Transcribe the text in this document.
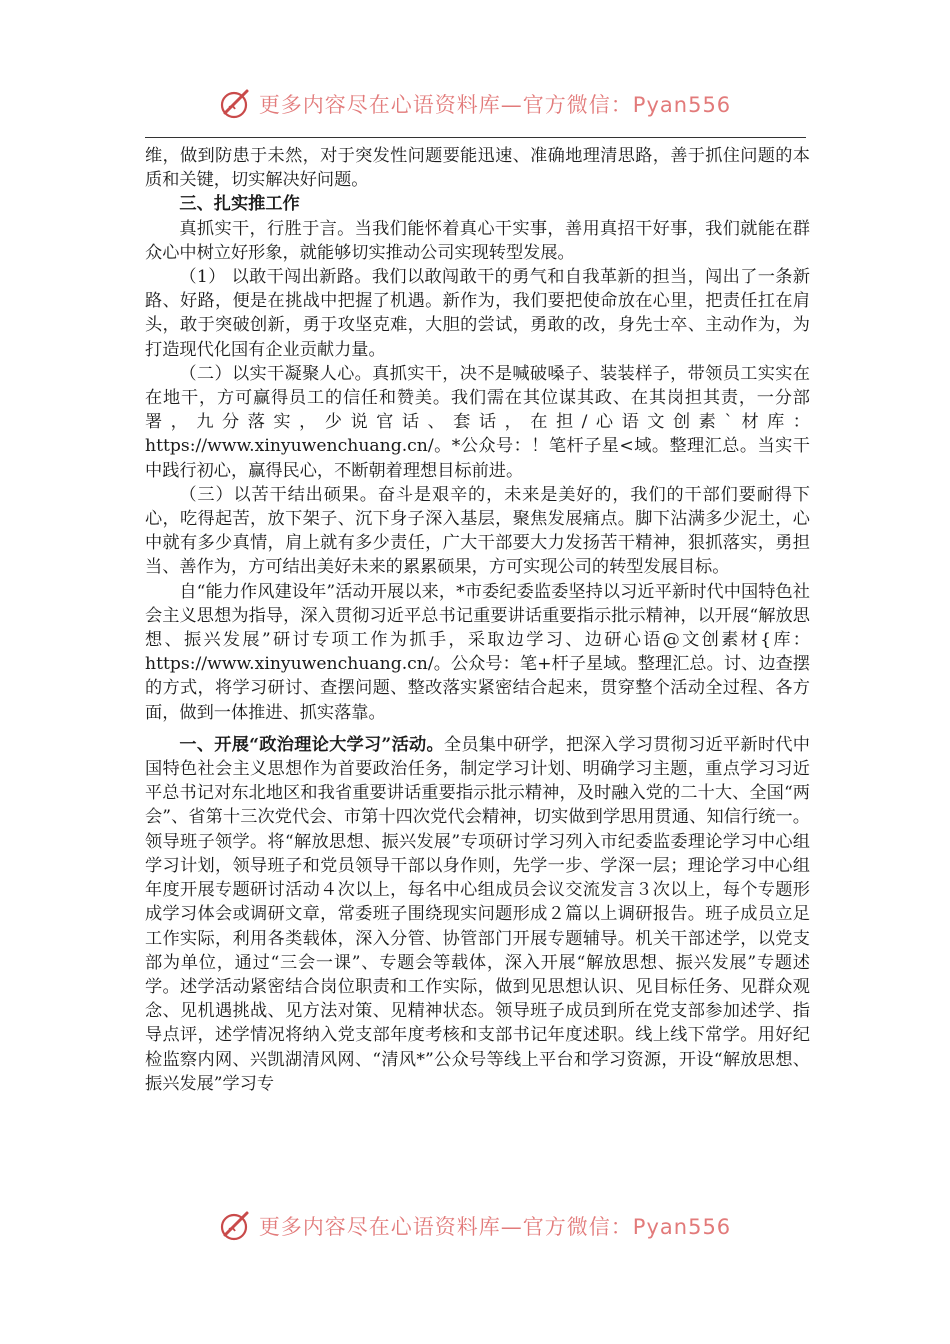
更多内容尽在心语资料库—官方微信：Pyan556

维，做到防患于未然，对于突发性问题要能迅速、准确地理清思路，善于抓住问题的本质和关键，切实解决好问题。

三、扎实推工作

真抓实干，行胜于言。当我们能怀着真心干实事，善用真招干好事，我们就能在群众心中树立好形象，就能够切实推动公司实现转型发展。

（1） 以敢干闯出新路。我们以敢闯敢干的勇气和自我革新的担当，闯出了一条新路、好路，便是在挑战中把握了机遇。新作为，我们要把使命放在心里，把责任扛在肩头，敢于突破创新，勇于攻坚克难，大胆的尝试，勇敢的改，身先士卒、主动作为，为打造现代化国有企业贡献力量。

（二）以实干凝聚人心。真抓实干，决不是喊破嗓子、装装样子，带领员工实实在在地干，方可赢得员工的信任和赞美。我们需在其位谋其政、在其岗担其责，一分部署，九分落实，少说官话、套话，在担/心语文创素`材库：https://www.xinyuwenchuang.cn/。*公众号：！笔杆子星<域。整理汇总。当实干中践行初心，赢得民心，不断朝着理想目标前进。

（三）以苦干结出硕果。奋斗是艰辛的，未来是美好的，我们的干部们要耐得下心，吃得起苦，放下架子、沉下身子深入基层，聚焦发展痛点。脚下沾满多少泥土，心中就有多少真情，肩上就有多少责任，广大干部要大力发扬苦干精神，狠抓落实，勇担当、善作为，方可结出美好未来的累累硕果，方可实现公司的转型发展目标。

自“能力作风建设年”活动开展以来，*市委纪委监委坚持以习近平新时代中国特色社会主义思想为指导，深入贯彻习近平总书记重要讲话重要指示批示精神，以开展“解放思想、振兴发展”研讨专项工作为抓手，采取边学习、边研心语@文创素材{库：https://www.xinyuwenchuang.cn/。公众号：笔+杆子星域。整理汇总。讨、边查摆的方式，将学习研讨、查摆问题、整改落实紧密结合起来，贯穿整个活动全过程、各方面，做到一体推进、抓实落靠。

一、开展“政治理论大学习”活动。全员集中研学，把深入学习贯彻习近平新时代中国特色社会主义思想作为首要政治任务，制定学习计划、明确学习主题，重点学习习近平总书记对东北地区和我省重要讲话重要指示批示精神，及时融入党的二十大、全国“两会”、省第十三次党代会、市第十四次党代会精神，切实做到学思用贯通、知信行统一。领导班子领学。将“解放思想、振兴发展”专项研讨学习列入市纪委监委理论学习中心组学习计划，领导班子和党员领导干部以身作则，先学一步、学深一层；理论学习中心组年度开展专题研讨活动４次以上，每名中心组成员会议交流发言３次以上，每个专题形成学习体会或调研文章，常委班子围绕现实问题形成２篇以上调研报告。班子成员立足工作实际，利用各类载体，深入分管、协管部门开展专题辅导。机关干部述学，以党支部为单位，通过“三会一课”、专题会等载体，深入开展“解放思想、振兴发展”专题述学。述学活动紧密结合岗位职责和工作实际，做到见思想认识、见目标任务、见群众观念、见机遇挑战、见方法对策、见精神状态。领导班子成员到所在党支部参加述学、指导点评，述学情况将纳入党支部年度考核和支部书记年度述职。线上线下常学。用好纪检监察内网、兴凯湖清风网、“清风*”公众号等线上平台和学习资源，开设“解放思想、振兴发展”学习专

更多内容尽在心语资料库—官方微信：Pyan556
